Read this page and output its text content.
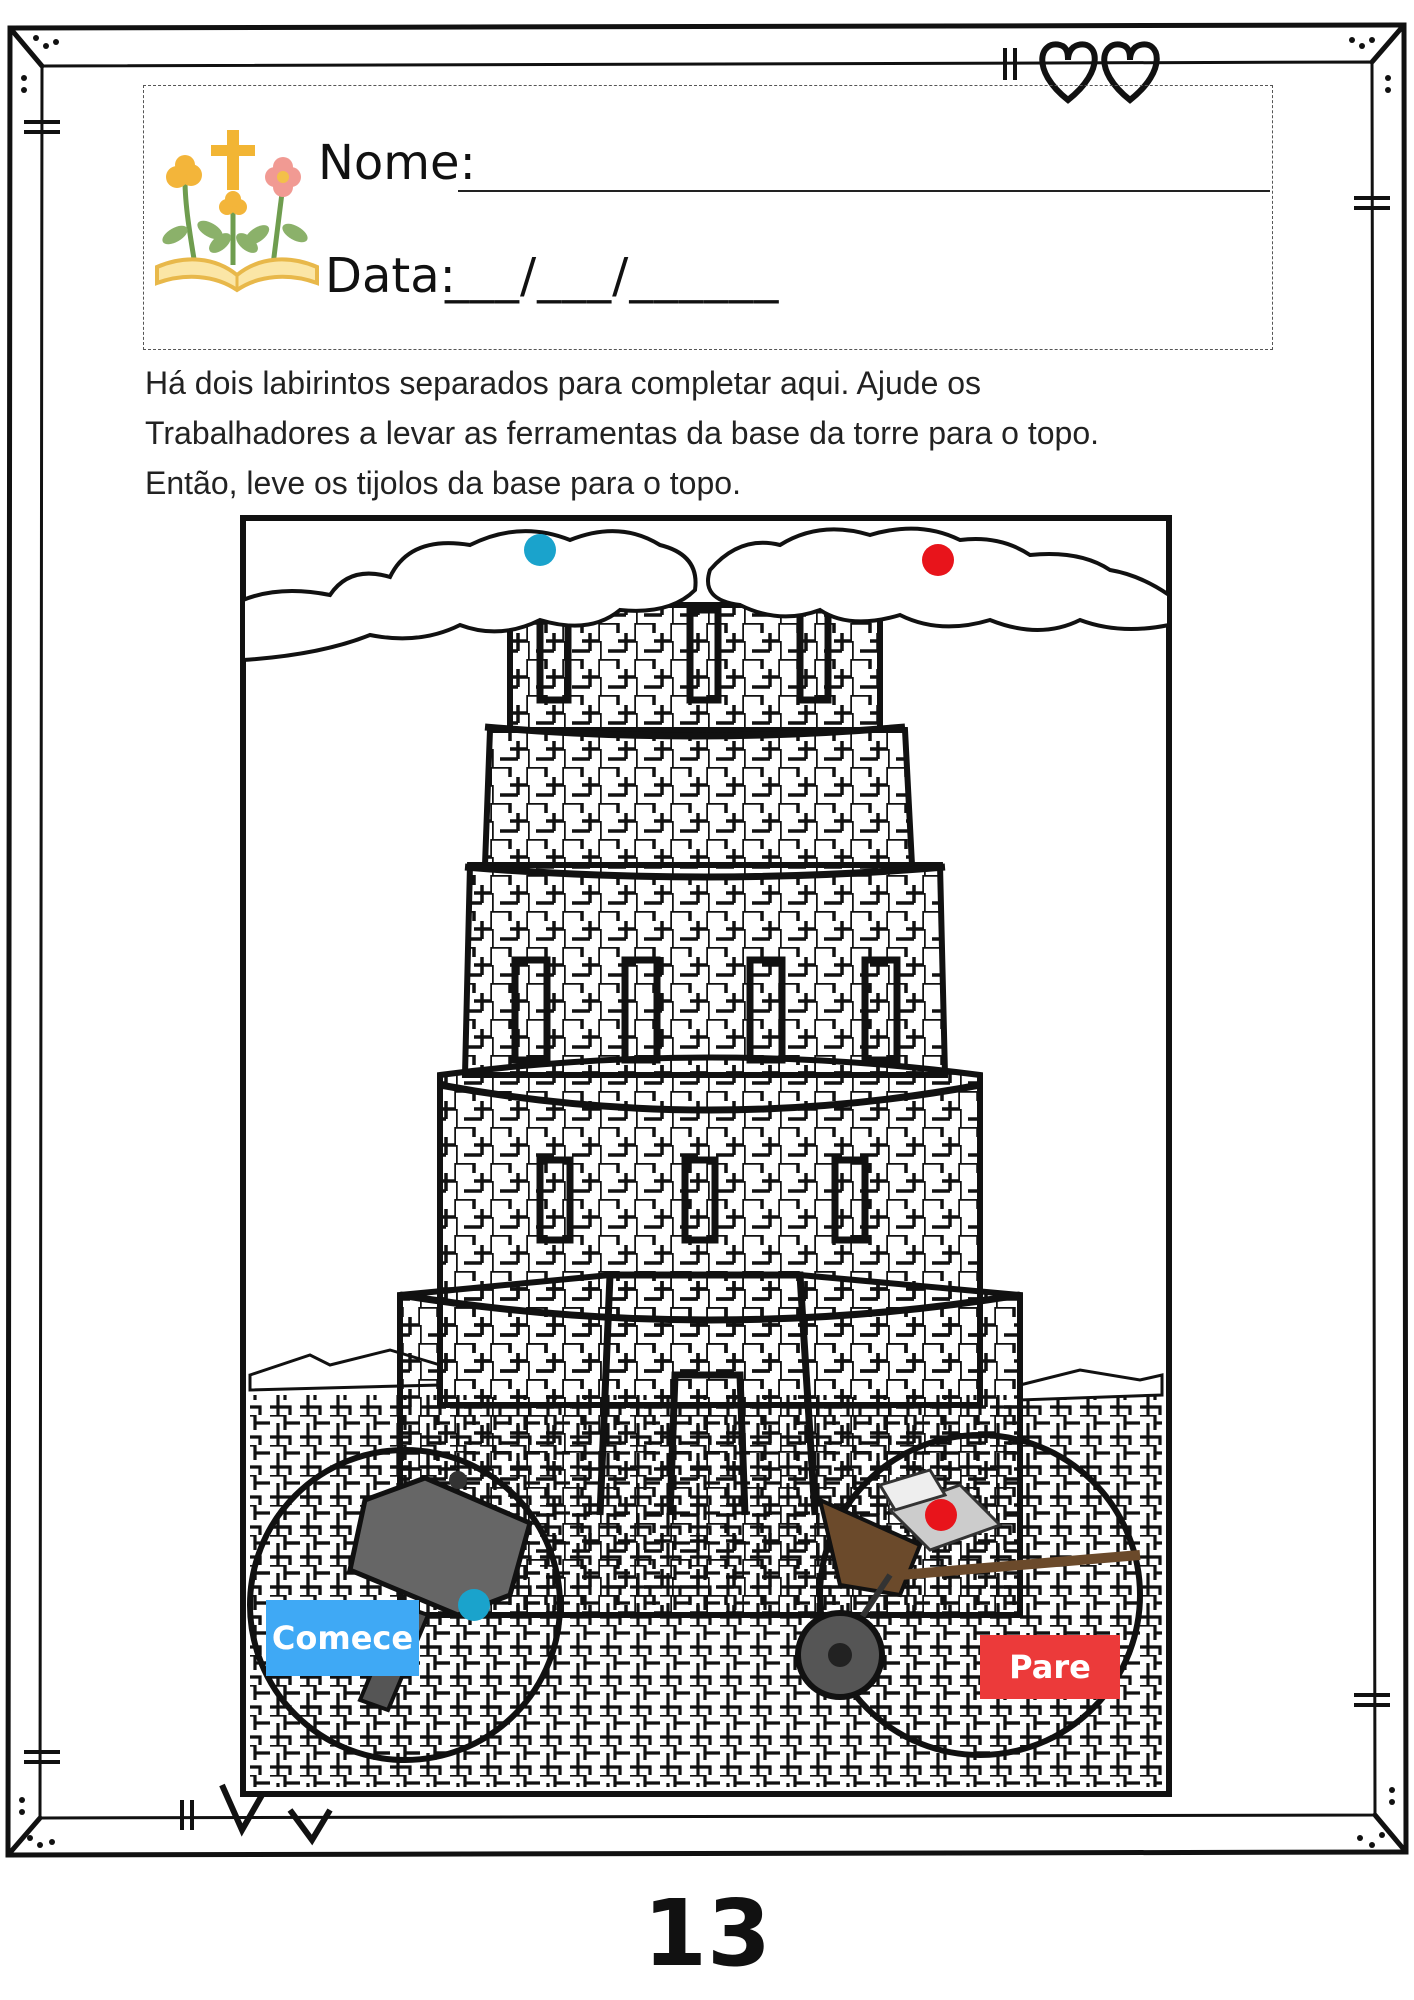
Nome:
Data:
___/___/______

Há dois labirintos separados para completar aqui. Ajude os

Trabalhadores a levar as ferramentas da base da torre para o topo.

Então, leve os tijolos da base para o topo.

Comece
Pare
13
